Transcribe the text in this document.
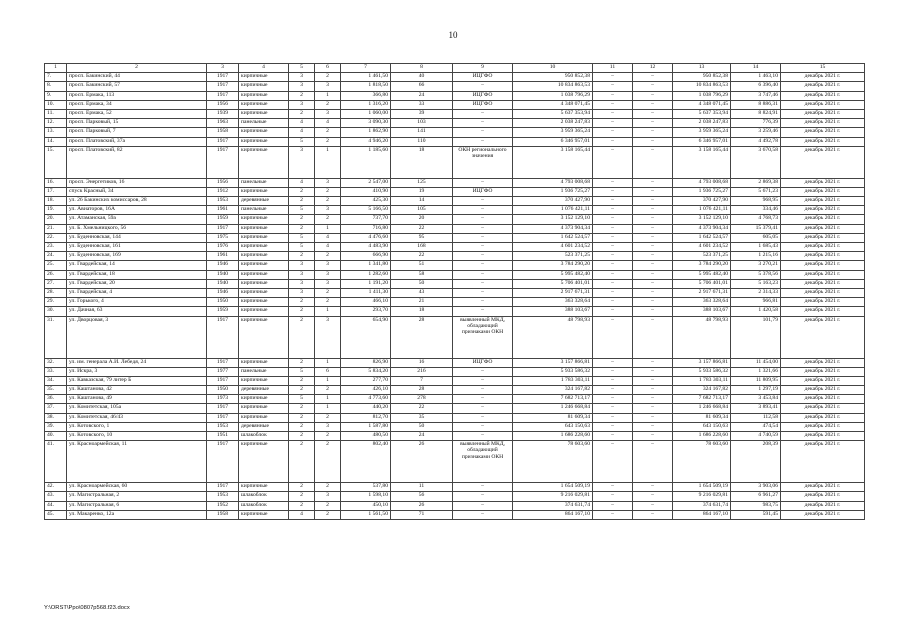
10
1	2	3	4	5	6	7	8	9	10	11	12	13	14	15
7.	просп. Бакинский, 44	1917	кирпичные	3	2	1 461,50	40	ИЦГФО	950 852,38	–	–	950 852,38	1 463,10	декабрь 2021 г.
8.	просп. Бакинский, 57	1917	кирпичные	3	3	1 818,50	66	–	10 834 863,53	–	–	10 834 863,53	6 396,40	декабрь 2021 г.
9.	просп. Ермака, 113	1917	кирпичные	2	1	366,80	24	ИЦГФО	1 038 796,29	–	–	1 038 796,29	3 747,46	декабрь 2021 г.
10.	просп. Ермака, 34	1956	кирпичные	3	2	1 316,20	33	ИЦГФО	4 348 071,45	–	–	4 348 071,45	8 886,31	декабрь 2021 г.
11.	просп. Ермака, 52	1939	кирпичные	2	3	1 060,00	39	–	5 637 353,94	–	–	5 637 353,94	8 824,91	декабрь 2021 г.
12.	просп. Парковый, 15	1963	панельные	4	4	3 090,30	103	–	2 038 247,83	–	–	2 038 247,83	776,39	декабрь 2021 г.
13.	просп. Парковый, 7	1958	кирпичные	4	2	1 862,90	141	–	3 959 365,24	–	–	3 959 365,24	3 259,46	декабрь 2021 г.
14.	просп. Платовский, 37а	1917	кирпичные	5	2	4 946,20	110	–	6 346 957,01	–	–	6 346 957,01	4 492,78	декабрь 2021 г.
15.	просп. Платовский, 82	1917	кирпичные	3	1	1 185,60	18	ОКН регионального значения	3 158 165,44	–	–	3 158 165,44	3 670,58	декабрь 2021 г.
16.	просп. Энергетиков, 16	1956	панельные	4	3	2 547,00	125	–	4 793 008,68	–	–	4 793 008,68	2 869,38	декабрь 2021 г.
17.	спуск Красный, 34	1912	кирпичные	2	2	410,90	19	ИЦГФО	1 936 725,27	–	–	1 936 725,27	5 671,23	декабрь 2021 г.
18.	ул. 26 Бакинских комиссаров, 28	1953	деревянные	2	2	425,30	14	–	370 427,90	–	–	370 427,90	968,95	декабрь 2021 г.
19.	ул. Авиаторов, 16А	1961	панельные	5	3	5 166,50	105	–	1 076 421,11	–	–	1 076 421,11	334,46	декабрь 2021 г.
20.	ул. Атаманская, 59а	1959	кирпичные	2	2	737,70	20	–	3 152 129,10	–	–	3 152 129,10	4 768,73	декабрь 2021 г.
21.	ул. Б. Хмельницкого, 56	1917	кирпичные	2	1	716,80	22	–	4 373 904,34	–	–	4 373 904,34	15 379,41	декабрь 2021 г.
22.	ул. Буденновская, 144	1975	кирпичные	5	4	4 476,60	95	–	1 642 524,57	–	–	1 642 524,57	605,05	декабрь 2021 г.
23.	ул. Буденновская, 161	1976	кирпичные	5	4	4 483,90	168	–	4 601 234,52	–	–	4 601 234,52	1 685,43	декабрь 2021 г.
24.	ул. Буденновская, 169	1961	кирпичные	2	2	666,90	22	–	523 371,25	–	–	523 371,25	1 215,16	декабрь 2021 г.
25.	ул. Гвардейская, 14	1946	кирпичные	3	3	1 341,80	51	–	3 784 290,20	–	–	3 784 290,20	3 270,21	декабрь 2021 г.
26.	ул. Гвардейская, 18	1940	кирпичные	3	3	1 282,60	58	–	5 995 482,40	–	–	5 995 482,40	5 378,56	декабрь 2021 г.
27.	ул. Гвардейская, 20	1940	кирпичные	3	3	1 191,20	50	–	5 706 401,01	–	–	5 706 401,01	5 163,23	декабрь 2021 г.
28.	ул. Гвардейская, 4	1946	кирпичные	3	2	1 411,30	43	–	2 917 671,31	–	–	2 917 671,31	2 314,33	декабрь 2021 г.
29.	ул. Горького, 4	1950	кирпичные	2	2	466,10	21	–	363 328,64	–	–	363 328,64	966,81	декабрь 2021 г.
30.	ул. Дачная, 63	1959	кирпичные	2	1	293,70	18	–	388 103,67	–	–	388 103,67	1 420,58	декабрь 2021 г.
31.	ул. Дворцовая, 3	1917	кирпичные	2	3	654,90	28	выявленный МКД, обладающий признаками ОКН	48 798,93	–	–	48 798,93	101,79	декабрь 2021 г.
32.	ул. им. генерала А.И. Лебедя, 24	1917	кирпичные	2	1	826,90	16	ИЦГФО	3 157 866,81	–	–	3 157 866,81	11 454,00	декабрь 2021 г.
33.	ул. Искра, 3	1977	панельные	5	6	5 834,20	216	–	5 933 586,32	–	–	5 933 586,32	1 321,66	декабрь 2021 г.
34.	ул. Кавказская, 79 литер Б	1917	кирпичные	2	1	277,70	7	–	1 783 303,11	–	–	1 783 303,11	11 809,95	декабрь 2021 г.
35.	ул. Каштанова, 42	1950	деревянные	2	2	426,10	28	–	324 167,82	–	–	324 167,82	1 297,19	декабрь 2021 г.
36.	ул. Каштанова, 49	1973	кирпичные	5	1	4 773,60	278	–	7 682 713,17	–	–	7 682 713,17	3 453,84	декабрь 2021 г.
37.	ул. Комитетская, 105а	1917	кирпичные	2	1	440,20	22	–	1 246 668,84	–	–	1 246 668,84	3 893,41	декабрь 2021 г.
38.	ул. Комитетская, 46/43	1917	кирпичные	2	2	812,70	35	–	81 609,34	–	–	81 609,34	112,58	декабрь 2021 г.
39.	ул. Котовского, 1	1953	деревянные	2	3	1 587,80	50	–	643 150,63	–	–	643 150,63	474,54	декабрь 2021 г.
40.	ул. Котовского, 10	1951	шлакоблок	2	2	480,50	24	–	1 686 228,60	–	–	1 686 228,60	4 740,59	декабрь 2021 г.
41.	ул. Красноармейская, 11	1917	кирпичные	2	2	802,40	26	выявленный МКД, обладающий признаками ОКН	78 603,60	–	–	78 603,60	208,39	декабрь 2021 г.
42.	ул. Красноармейская, 60	1917	кирпичные	2	2	537,80	11	–	1 654 509,19	–	–	1 654 509,19	3 903,06	декабрь 2021 г.
43.	ул. Магистральная, 2	1953	шлакоблок	2	3	1 598,10	56	–	9 216 029,81	–	–	9 216 029,81	6 961,27	декабрь 2021 г.
44.	ул. Магистральная, 6	1952	шлакоблок	2	2	450,10	26	–	374 631,74	–	–	374 631,74	983,75	декабрь 2021 г.
45.	ул. Макаренко, 12а	1958	кирпичные	4	2	1 561,50	71	–	864 167,10	–	–	864 167,10	591,45	декабрь 2021 г.
Y:\ORST\Ppo\0807p568.f23.docx
